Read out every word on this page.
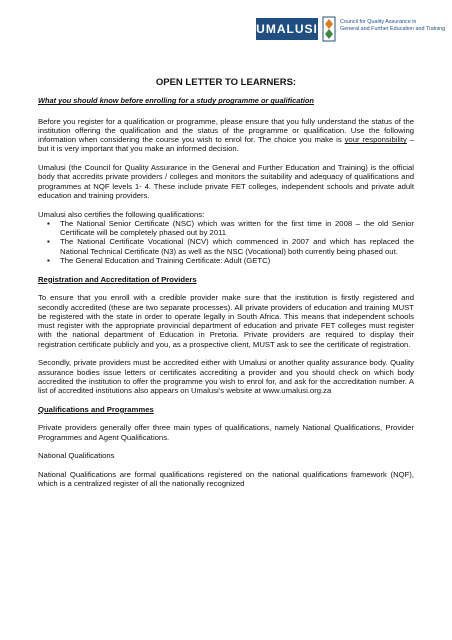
UMALUSI	Council for Quality Assurance in
General and Further Education and Training
OPEN LETTER TO LEARNERS:
What you should know before enrolling for a study programme or qualification

Before you register for a qualification or programme, please ensure that you fully understand the status of the institution offering the qualification and the status of the programme or qualification. Use the following information when considering the course you wish to enrol for. The choice you make is your responsibility – but it is very important that you make an informed decision.

Umalusi (the Council for Quality Assurance in the General and Further Education and Training) is the official body that accredits private providers / colleges and monitors the suitability and adequacy of qualifications and programmes at NQF levels 1- 4. These include private FET colleges, independent schools and private adult education and training providers.

Umalusi also certifies the following qualifications:
▪ The National Senior Certificate (NSC) which was written for the first time in 2008 – the old Senior Certificate will be completely phased out by 2011
▪ The National Certificate Vocational (NCV) which commenced in 2007 and which has replaced the National Technical Certificate (N3) as well as the NSC (Vocational) both currently being phased out.
▪ The General Education and Training Certificate: Adult (GETC)
Registration and Accreditation of Providers

To ensure that you enroll with a credible provider make sure that the institution is firstly registered and secondly accredited (these are two separate processes). All private providers of education and training MUST be registered with the state in order to operate legally in South Africa. This means that independent schools must register with the appropriate provincial department of education and private FET colleges must register with the national department of Education in Pretoria. Private providers are required to display their registration certificate publicly and you, as a prospective client, MUST ask to see the certificate of registration.

Secondly, private providers must be accredited either with Umalusi or another quality assurance body. Quality assurance bodies issue letters or certificates accrediting a provider and you should check on which body accredited the institution to offer the programme you wish to enrol for, and ask for the accreditation number. A list of accredited institutions also appears on Umalusi's website at www.umalusi.org.za

Qualifications and Programmes

Private providers generally offer three main types of qualifications, namely National Qualifications, Provider Programmes and Agent Qualifications.

National Qualifications

National Qualifications are formal qualifications registered on the national qualifications framework (NQF), which is a centralized register of all the nationally recognized
